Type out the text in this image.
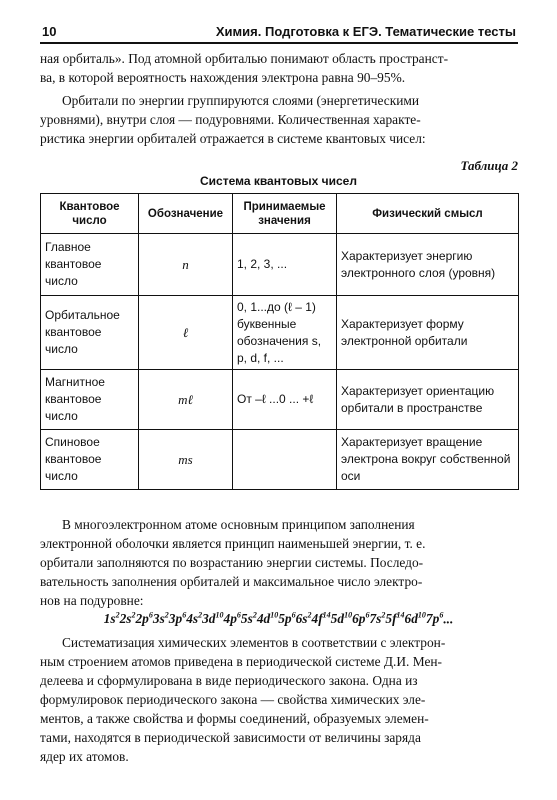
10	Химия. Подготовка к ЕГЭ. Тематические тесты
ная орбиталь». Под атомной орбиталью понимают область пространст-
ва, в которой вероятность нахождения электрона равна 90–95%.
Орбитали по энергии группируются слоями (энергетическими
уровнями), внутри слоя — подуровнями. Количественная характе-
ристика энергии орбиталей отражается в системе квантовых чисел:
Таблица 2
Система квантовых чисел
Квантовое число	Обозначение	Принимаемые значения	Физический смысл
Главное квантовое число	n	1, 2, 3, ...	Характеризует энергию электронного слоя (уровня)
Орбитальное квантовое число	ℓ	0, 1...до (ℓ – 1) буквенные обозначения s, p, d, f, ...	Характеризует форму электронной орбитали
Магнитное квантовое число	mℓ	От –ℓ ...0 ... +ℓ	Характеризует ориентацию орбитали в пространстве
Спиновое квантовое число	ms		Характеризует вращение электрона вокруг собственной оси
В многоэлектронном атоме основным принципом заполнения
электронной оболочки является принцип наименьшей энергии, т. е.
орбитали заполняются по возрастанию энергии системы. Последо-
вательность заполнения орбиталей и максимальное число электро-
нов на подуровне:
$1s^22s^22p^63s^23p^64s^23d^{10}4p^65s^24d^{10}5p^66s^24f^{14}5d^{10}6p^67s^25f^{14}6d^{10}7p^6$...
Систематизация химических элементов в соответствии с электрон-
ным строением атомов приведена в периодической системе Д.И. Мен-
делеева и сформулирована в виде периодического закона. Одна из
формулировок периодического закона — свойства химических эле-
ментов, а также свойства и формы соединений, образуемых элемен-
тами, находятся в периодической зависимости от величины заряда
ядер их атомов.
